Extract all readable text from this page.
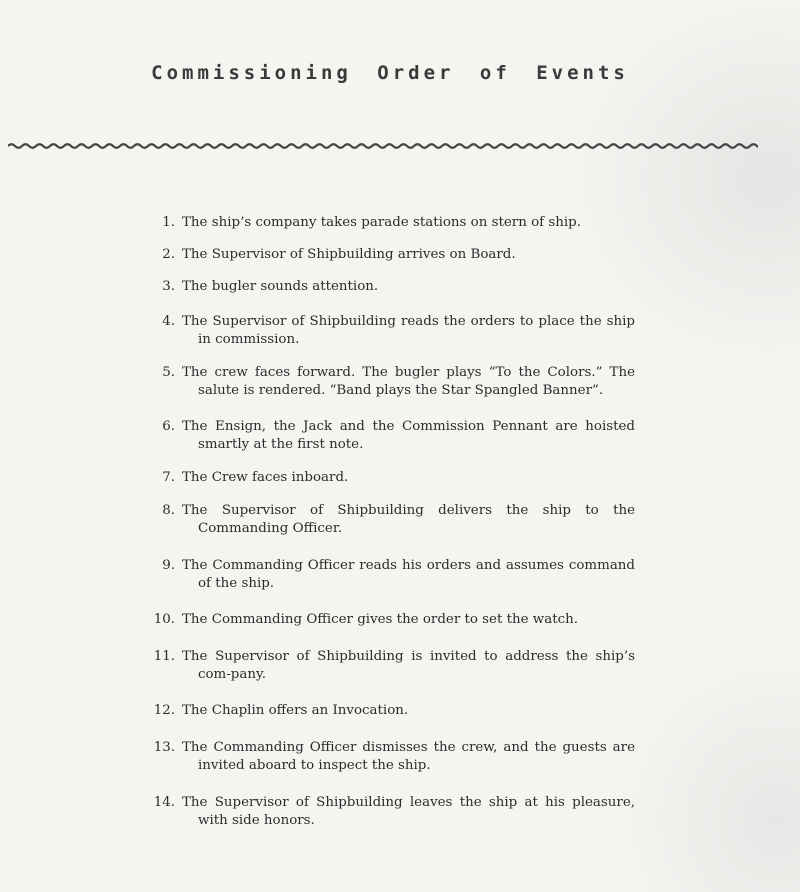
Commissioning Order of Events
1. The ship’s company takes parade stations on stern of ship.
2. The Supervisor of Shipbuilding arrives on Board.
3. The bugler sounds attention.
4. The Supervisor of Shipbuilding reads the orders to place the ship in commission.
5. The crew faces forward. The bugler plays “To the Colors.” The salute is rendered. “Band plays the Star Spangled Banner”.
6. The Ensign, the Jack and the Commission Pennant are hoisted smartly at the first note.
7. The Crew faces inboard.
8. The Supervisor of Shipbuilding delivers the ship to the Commanding Officer.
9. The Commanding Officer reads his orders and assumes command of the ship.
10. The Commanding Officer gives the order to set the watch.
11. The Supervisor of Shipbuilding is invited to address the ship’s com-pany.
12. The Chaplin offers an Invocation.
13. The Commanding Officer dismisses the crew, and the guests are invited aboard to inspect the ship.
14. The Supervisor of Shipbuilding leaves the ship at his pleasure, with side honors.
